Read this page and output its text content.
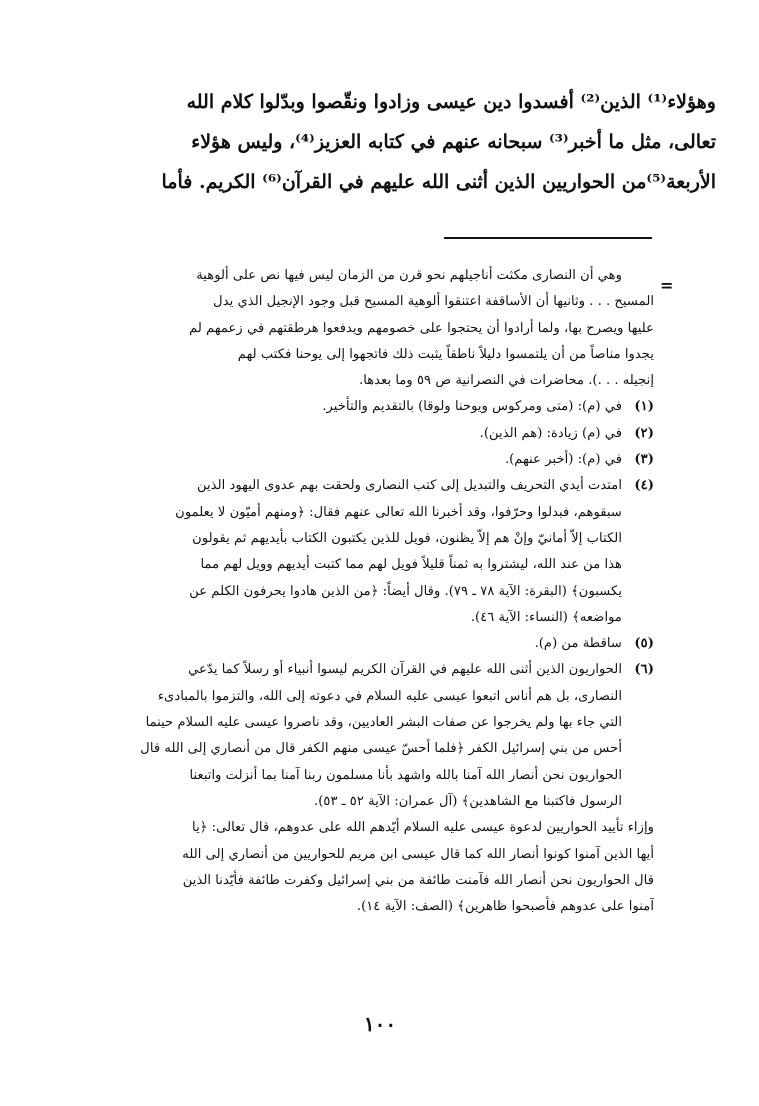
وهؤلاء⁽¹⁾ الذين⁽²⁾ أفسدوا دين عيسى وزادوا ونقّصوا وبدّلوا كلام الله
تعالى، مثل ما أخبر⁽³⁾ سبحانه عنهم في كتابه العزيز⁽⁴⁾، وليس هؤلاء
الأربعة⁽⁵⁾من الحواريين الذين أثنى الله عليهم في القرآن⁽⁶⁾ الكريم. فأما
=
وهي أن النصارى مكثت أناجيلهم نحو قرن من الزمان ليس فيها نص على ألوهية
المسيح . . . وثانيها أن الأساقفة اعتنقوا ألوهية المسيح قبل وجود الإنجيل الذي يدل
عليها ويصرح بها، ولما أرادوا أن يحتجوا على خصومهم ويدفعوا هرطقتهم في زعمهم لم
يجدوا مناصاً من أن يلتمسوا دليلاً ناطقاً يثبت ذلك فاتجهوا إلى يوحنا فكتب لهم
إنجيله . . .). محاضرات في النصرانية ص ٥٩ وما بعدها.
(١)
في (م): (متى ومركوس ويوحنا ولوقا) بالتقديم والتأخير.
(٢)
في (م) زيادة: (هم الذين).
(٣)
في (م): (أخبر عنهم).
(٤)
امتدت أيدي التحريف والتبديل إلى كتب النصارى ولحقت بهم عدوى اليهود الذين
سبقوهم، فبدلوا وحرّفوا، وقد أخبرنا الله تعالى عنهم فقال: ﴿ومنهم أميّون لا يعلمون
الكتاب إلاّ أمانيّ وإنْ هم إلاّ يظنون، فويل للذين يكتبون الكتاب بأيديهم ثم يقولون
هذا من عند الله، ليشتروا به ثمناً قليلاً فويل لهم مما كتبت أيديهم وويل لهم مما
يكسبون﴾ (البقرة: الآية ٧٨ ـ ٧٩). وقال أيضاً: ﴿من الذين هادوا يحرفون الكلم عن
مواضعه﴾ (النساء: الآية ٤٦).
(٥)
ساقطة من (م).
(٦)
الحواريون الذين أثنى الله عليهم في القرآن الكريم ليسوا أنبياء أو رسلاً كما يدّعي
النصارى، بل هم أناس اتبعوا عيسى عليه السلام في دعوته إلى الله، والتزموا بالمبادىء
التي جاء بها ولم يخرجوا عن صفات البشر العاديين، وقد ناصروا عيسى عليه السلام حينما
أحس من بني إسرائيل الكفر ﴿فلما أحسّ عيسى منهم الكفر قال من أنصاري إلى الله قال
الحواريون نحن أنصار الله آمنا بالله واشهد بأنا مسلمون ربنا آمنا بما أنزلت واتبعنا
الرسول فاكتبنا مع الشاهدين﴾ (آل عمران: الآية ٥٢ ـ ٥٣).
وإزاء تأييد الحواريين لدعوة عيسى عليه السلام أيّدهم الله على عدوهم، قال تعالى: ﴿يا
أيها الذين آمنوا كونوا أنصار الله كما قال عيسى ابن مريم للحواريين من أنصاري إلى الله
قال الحواريون نحن أنصار الله فآمنت طائفة من بني إسرائيل وكفرت طائفة فأيّدنا الذين
آمنوا على عدوهم فأصبحوا ظاهرين﴾ (الصف: الآية ١٤).
١٠٠
